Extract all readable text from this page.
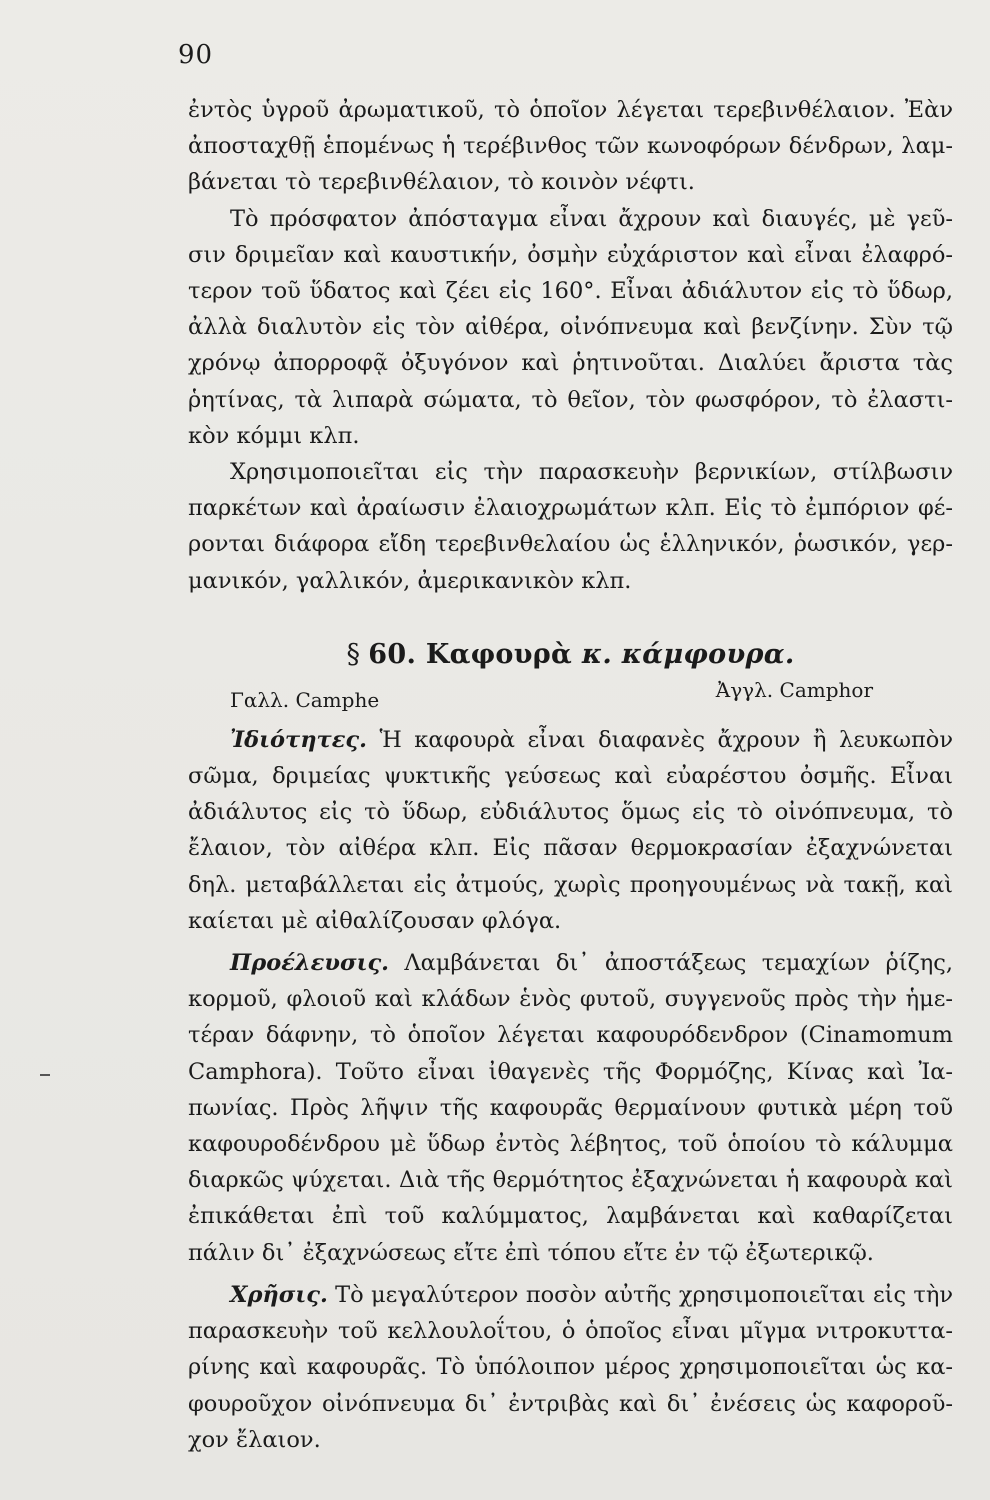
90

ἐντὸς ὑγροῦ ἀρωματικοῦ, τὸ ὁποῖον λέγεται τερεβινθέλαιον. Ἐὰν ἀποσταχθῇ ἑπομένως ἡ τερέβινθος τῶν κωνοφόρων δένδρων, λαμ- βάνεται τὸ τερεβινθέλαιον, τὸ κοινὸν νέφτι.

Τὸ πρόσφατον ἀπόσταγμα εἶναι ἄχρουν καὶ διαυγές, μὲ γεῦ- σιν δριμεῖαν καὶ καυστικήν, ὀσμὴν εὐχάριστον καὶ εἶναι ἐλαφρό- τερον τοῦ ὕδατος καὶ ζέει εἰς 160°. Εἶναι ἀδιάλυτον εἰς τὸ ὕδωρ, ἀλλὰ διαλυτὸν εἰς τὸν αἰθέρα, οἰνόπνευμα καὶ βενζίνην. Σὺν τῷ χρόνῳ ἀπορροφᾷ ὀξυγόνον καὶ ῥητινοῦται. Διαλύει ἄριστα τὰς ῥητίνας, τὰ λιπαρὰ σώματα, τὸ θεῖον, τὸν φωσφόρον, τὸ ἐλαστι- κὸν κόμμι κλπ.

Χρησιμοποιεῖται εἰς τὴν παρασκευὴν βερνικίων, στίλβωσιν παρκέτων καὶ ἀραίωσιν ἐλαιοχρωμάτων κλπ. Εἰς τὸ ἐμπόριον φέ- ρονται διάφορα εἴδη τερεβινθελαίου ὡς ἑλληνικόν, ῥωσικόν, γερ- μανικόν, γαλλικόν, ἀμερικανικὸν κλπ.

§ 60. Καφουρὰ κ. κάμφουρα.
Γαλλ. Camphe	Ἀγγλ. Camphor

Ἰδιότητες. Ἡ καφουρὰ εἶναι διαφανὲς ἄχρουν ἢ λευκωπὸν σῶμα, δριμείας ψυκτικῆς γεύσεως καὶ εὐαρέστου ὀσμῆς. Εἶναι ἀδιάλυτος εἰς τὸ ὕδωρ, εὐδιάλυτος ὅμως εἰς τὸ οἰνόπνευμα, τὸ ἔλαιον, τὸν αἰθέρα κλπ. Εἰς πᾶσαν θερμοκρασίαν ἐξαχνώνεται δηλ. μεταβάλλεται εἰς ἀτμούς, χωρὶς προηγουμένως νὰ τακῇ, καὶ καίεται μὲ αἰθαλίζουσαν φλόγα.

Προέλευσις. Λαμβάνεται δι᾽ ἀποστάξεως τεμαχίων ῥίζης, κορμοῦ, φλοιοῦ καὶ κλάδων ἑνὸς φυτοῦ, συγγενοῦς πρὸς τὴν ἡμε- τέραν δάφνην, τὸ ὁποῖον λέγεται καφουρόδενδρον (Cinamomum Camphora). Τοῦτο εἶναι ἰθαγενὲς τῆς Φορμόζης, Κίνας καὶ Ἰα- πωνίας. Πρὸς λῆψιν τῆς καφουρᾶς θερμαίνουν φυτικὰ μέρη τοῦ καφουροδένδρου μὲ ὕδωρ ἐντὸς λέβητος, τοῦ ὁποίου τὸ κάλυμμα διαρκῶς ψύχεται. Διὰ τῆς θερμότητος ἐξαχνώνεται ἡ καφουρὰ καὶ ἐπικάθεται ἐπὶ τοῦ καλύμματος, λαμβάνεται καὶ καθαρίζεται πάλιν δι᾽ ἐξαχνώσεως εἴτε ἐπὶ τόπου εἴτε ἐν τῷ ἐξωτερικῷ.

Χρῆσις. Τὸ μεγαλύτερον ποσὸν αὐτῆς χρησιμοποιεῖται εἰς τὴν παρασκευὴν τοῦ κελλουλοΐτου, ὁ ὁποῖος εἶναι μῖγμα νιτροκυττα- ρίνης καὶ καφουρᾶς. Τὸ ὑπόλοιπον μέρος χρησιμοποιεῖται ὡς κα- φουροῦχον οἰνόπνευμα δι᾽ ἐντριβὰς καὶ δι᾽ ἐνέσεις ὡς καφοροῦ- χον ἔλαιον.
